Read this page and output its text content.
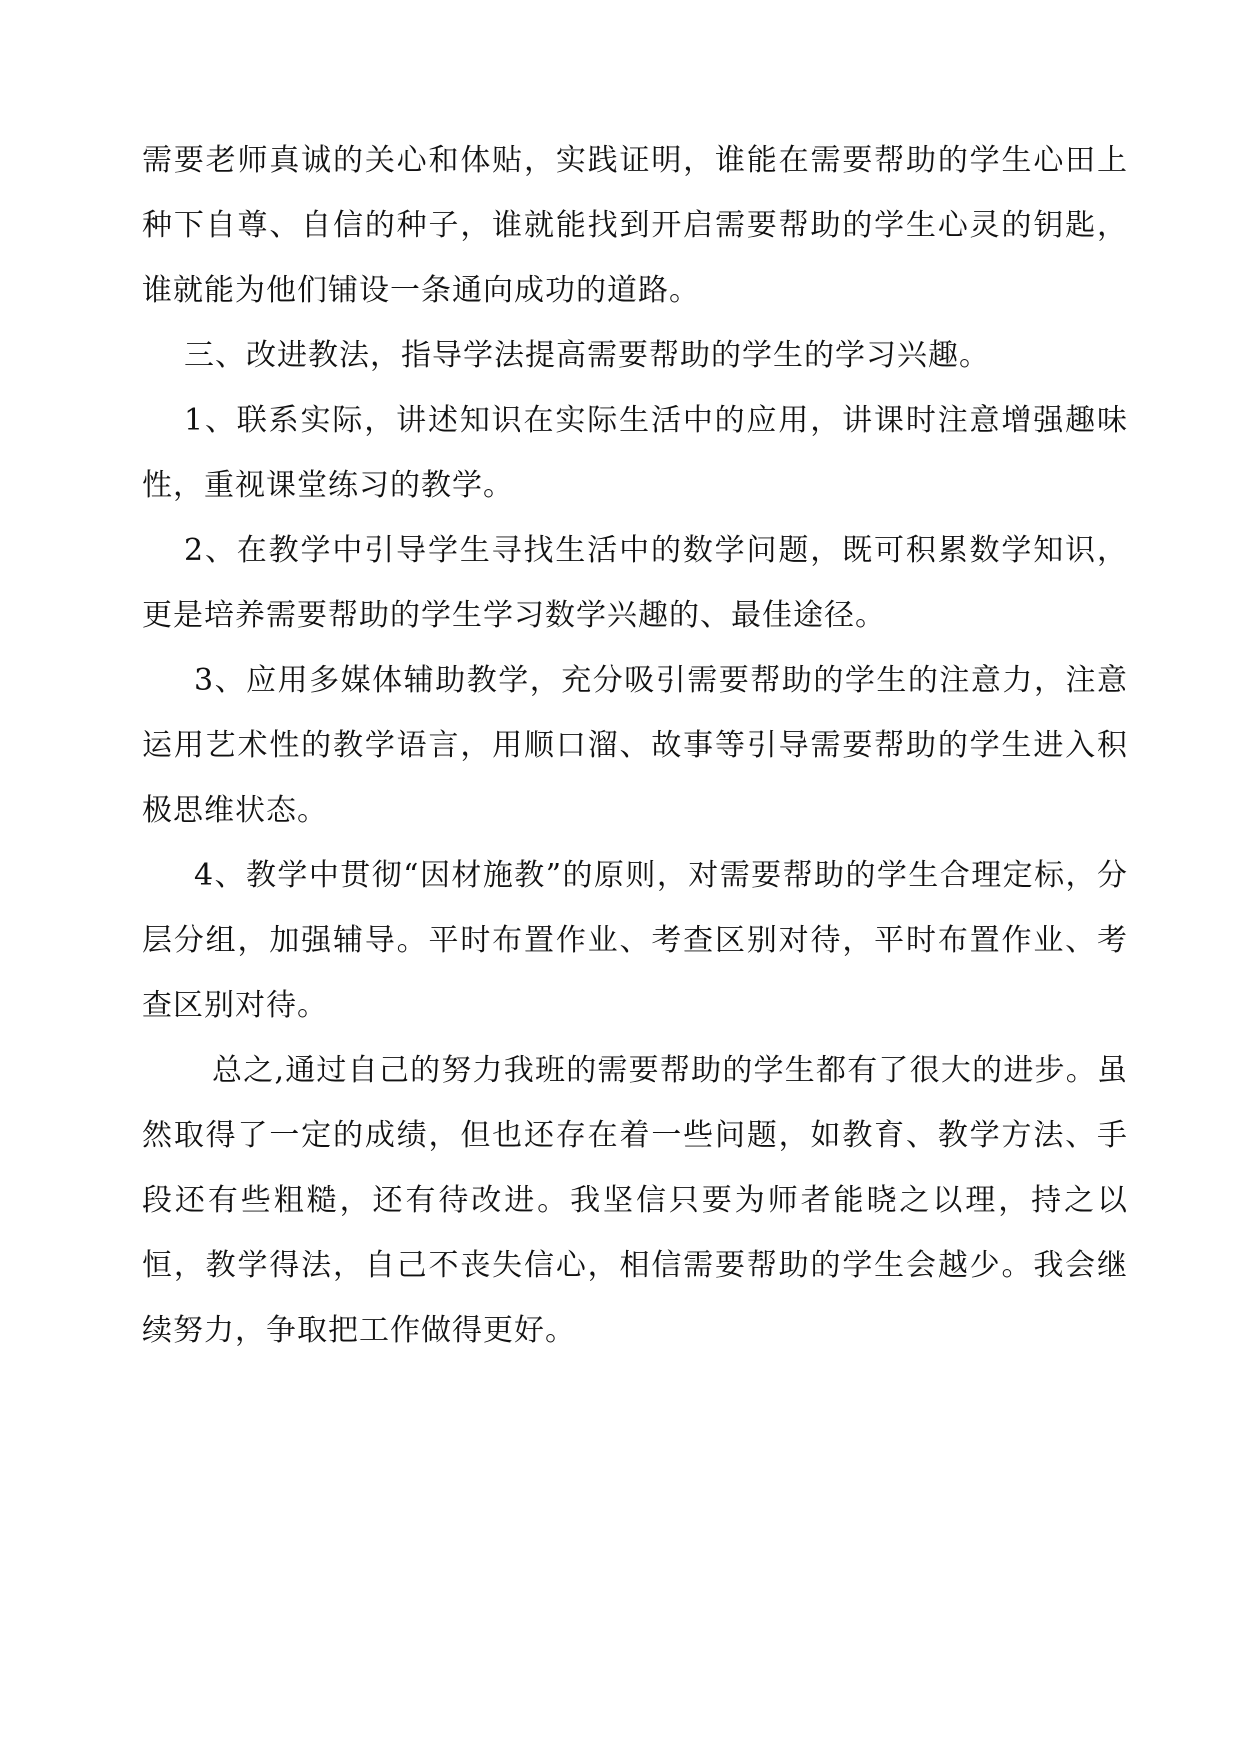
需要老师真诚的关心和体贴，实践证明，谁能在需要帮助的学生心田上种下自尊、自信的种子，谁就能找到开启需要帮助的学生心灵的钥匙，谁就能为他们铺设一条通向成功的道路。

三、改进教法，指导学法提高需要帮助的学生的学习兴趣。

1、联系实际，讲述知识在实际生活中的应用，讲课时注意增强趣味性，重视课堂练习的教学。

2、在教学中引导学生寻找生活中的数学问题，既可积累数学知识，更是培养需要帮助的学生学习数学兴趣的、最佳途径。

3、应用多媒体辅助教学，充分吸引需要帮助的学生的注意力，注意运用艺术性的教学语言，用顺口溜、故事等引导需要帮助的学生进入积极思维状态。

4、教学中贯彻“因材施教”的原则，对需要帮助的学生合理定标，分层分组，加强辅导。平时布置作业、考查区别对待，平时布置作业、考查区别对待。

总之,通过自己的努力我班的需要帮助的学生都有了很大的进步。虽然取得了一定的成绩，但也还存在着一些问题，如教育、教学方法、手段还有些粗糙，还有待改进。我坚信只要为师者能晓之以理，持之以恒，教学得法，自己不丧失信心，相信需要帮助的学生会越少。我会继续努力，争取把工作做得更好。
